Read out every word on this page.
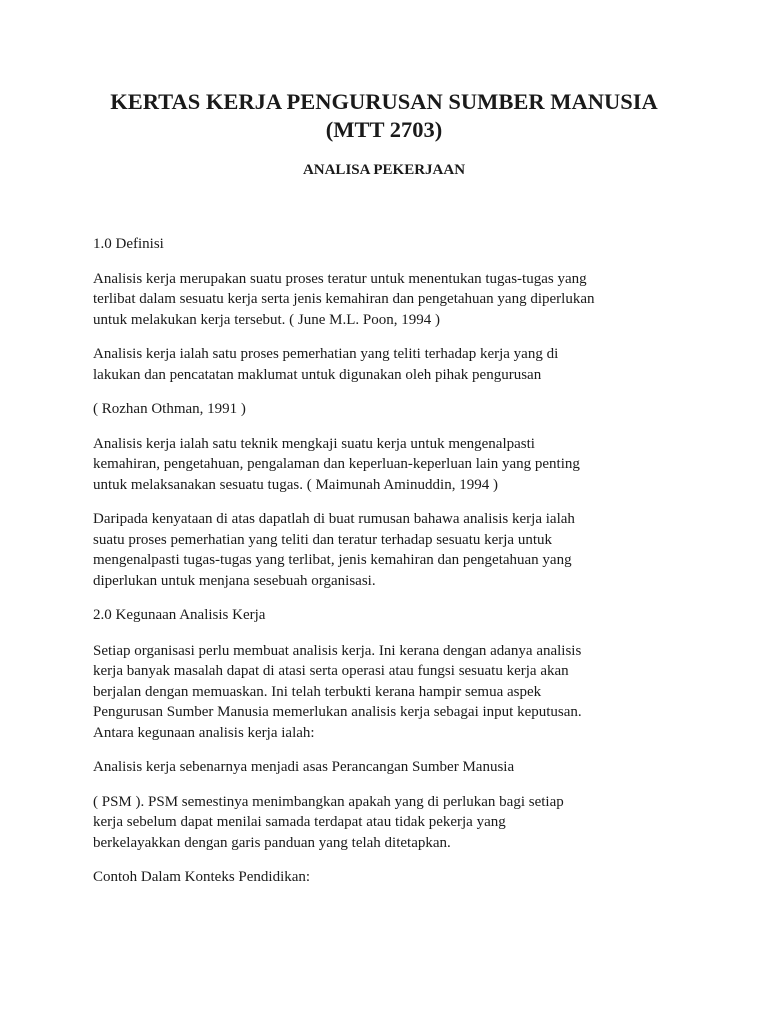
KERTAS KERJA PENGURUSAN SUMBER MANUSIA
(MTT 2703)
ANALISA PEKERJAAN

1.0 Definisi

Analisis kerja merupakan suatu proses teratur untuk menentukan tugas-tugas yang

terlibat dalam sesuatu kerja serta jenis kemahiran dan pengetahuan yang diperlukan

untuk melakukan kerja tersebut. ( June M.L. Poon, 1994 )

Analisis kerja ialah satu proses pemerhatian yang teliti terhadap kerja yang di

lakukan dan pencatatan maklumat untuk digunakan oleh pihak pengurusan

( Rozhan Othman, 1991 )

Analisis kerja ialah satu teknik mengkaji suatu kerja untuk mengenalpasti

kemahiran, pengetahuan, pengalaman dan keperluan-keperluan lain yang penting

untuk melaksanakan sesuatu tugas. ( Maimunah Aminuddin, 1994 )

Daripada kenyataan di atas dapatlah di buat rumusan bahawa analisis kerja ialah

suatu proses pemerhatian yang teliti dan teratur terhadap sesuatu kerja untuk

mengenalpasti tugas-tugas yang terlibat, jenis kemahiran dan pengetahuan yang

diperlukan untuk menjana sesebuah organisasi.

2.0 Kegunaan Analisis Kerja

Setiap organisasi perlu membuat analisis kerja. Ini kerana dengan adanya analisis

kerja banyak masalah dapat di atasi serta operasi atau fungsi sesuatu kerja akan

berjalan dengan memuaskan. Ini telah terbukti kerana hampir semua aspek

Pengurusan Sumber Manusia memerlukan analisis kerja sebagai input keputusan.

Antara kegunaan analisis kerja ialah:

Analisis kerja sebenarnya menjadi asas Perancangan Sumber Manusia

( PSM ). PSM semestinya menimbangkan apakah yang di perlukan bagi setiap

kerja sebelum dapat menilai samada terdapat atau tidak pekerja yang

berkelayakkan dengan garis panduan yang telah ditetapkan.

Contoh Dalam Konteks Pendidikan:
